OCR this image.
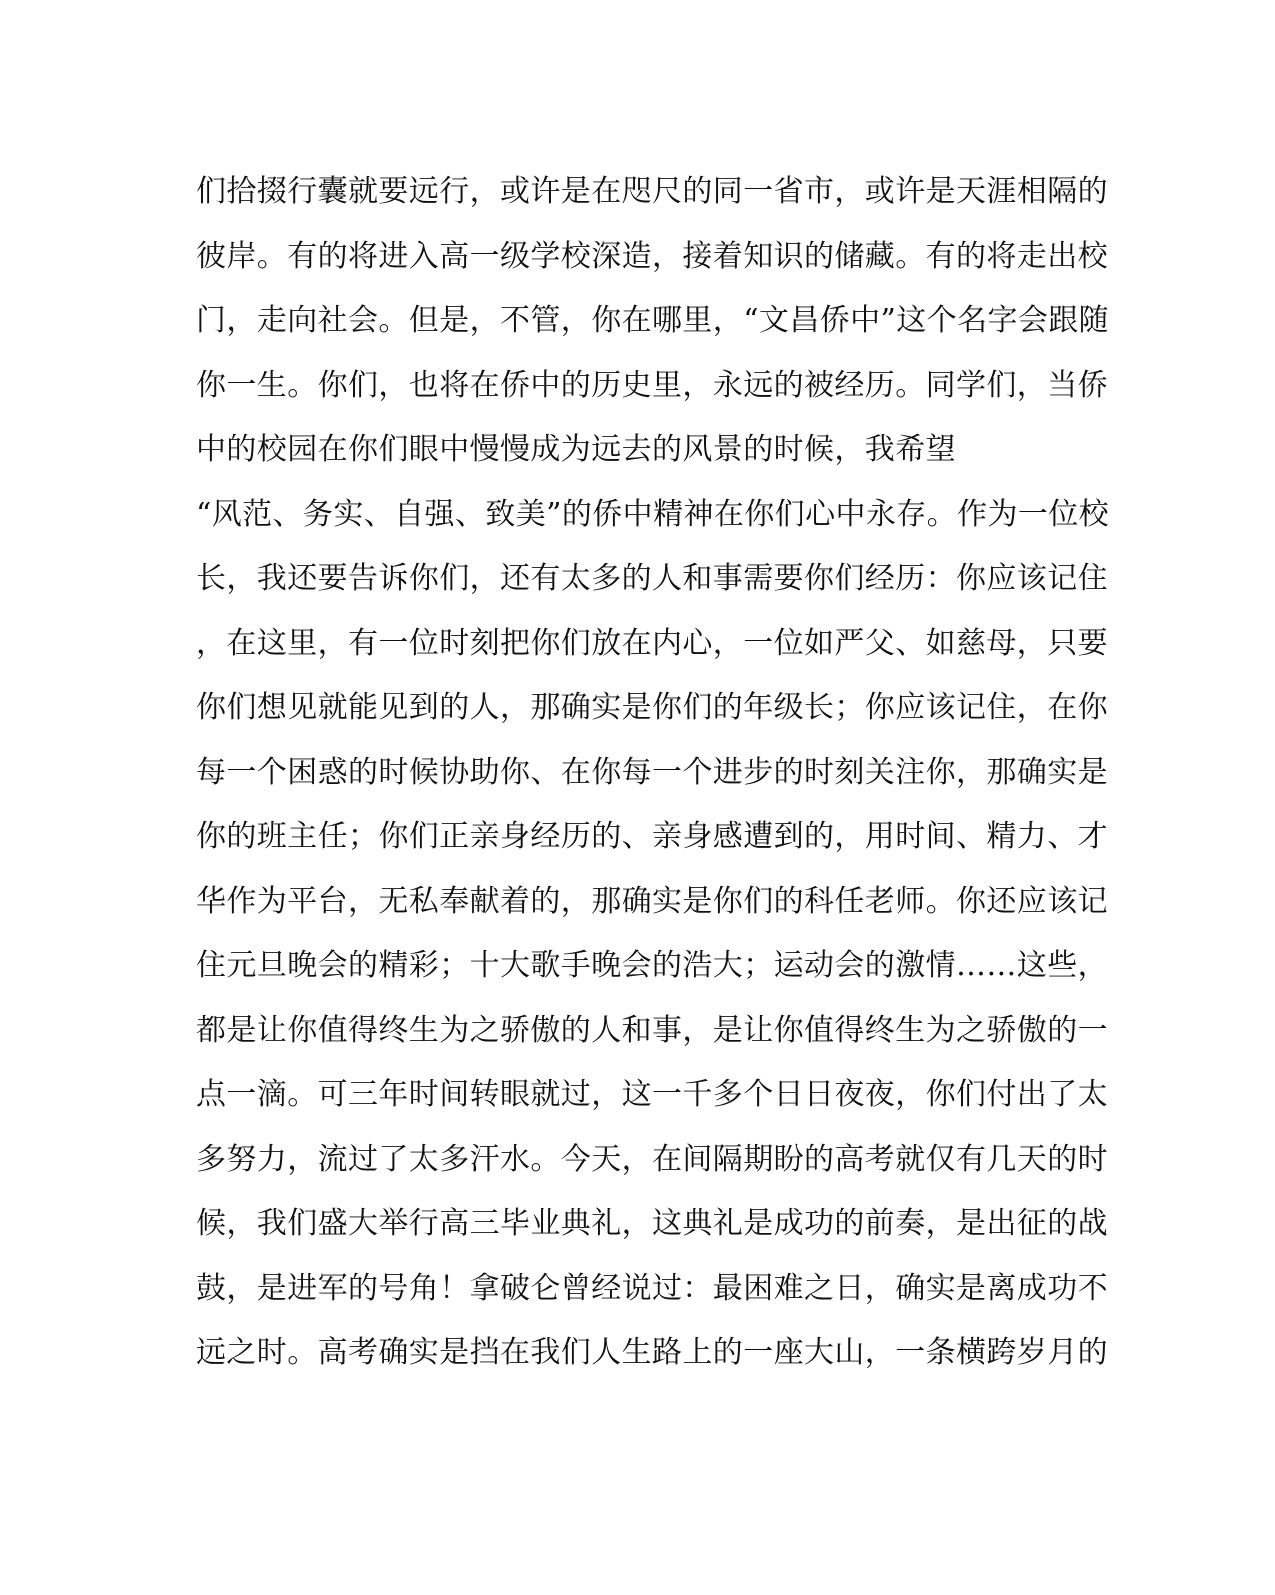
们拾掇行囊就要远行，或许是在咫尺的同一省市，或许是天涯相隔的
彼岸。有的将进入高一级学校深造，接着知识的储藏。有的将走出校
门，走向社会。但是，不管，你在哪里，“文昌侨中”这个名字会跟随
你一生。你们，也将在侨中的历史里，永远的被经历。同学们，当侨
中的校园在你们眼中慢慢成为远去的风景的时候，我希望
“风范、务实、自强、致美”的侨中精神在你们心中永存。作为一位校
长，我还要告诉你们，还有太多的人和事需要你们经历：你应该记住
，在这里，有一位时刻把你们放在内心，一位如严父、如慈母，只要
你们想见就能见到的人，那确实是你们的年级长；你应该记住，在你
每一个困惑的时候协助你、在你每一个进步的时刻关注你，那确实是
你的班主任；你们正亲身经历的、亲身感遭到的，用时间、精力、才
华作为平台，无私奉献着的，那确实是你们的科任老师。你还应该记
住元旦晚会的精彩；十大歌手晚会的浩大；运动会的激情……这些，
都是让你值得终生为之骄傲的人和事，是让你值得终生为之骄傲的一
点一滴。可三年时间转眼就过，这一千多个日日夜夜，你们付出了太
多努力，流过了太多汗水。今天，在间隔期盼的高考就仅有几天的时
候，我们盛大举行高三毕业典礼，这典礼是成功的前奏，是出征的战
鼓，是进军的号角！拿破仑曾经说过：最困难之日，确实是离成功不
远之时。高考确实是挡在我们人生路上的一座大山，一条横跨岁月的
